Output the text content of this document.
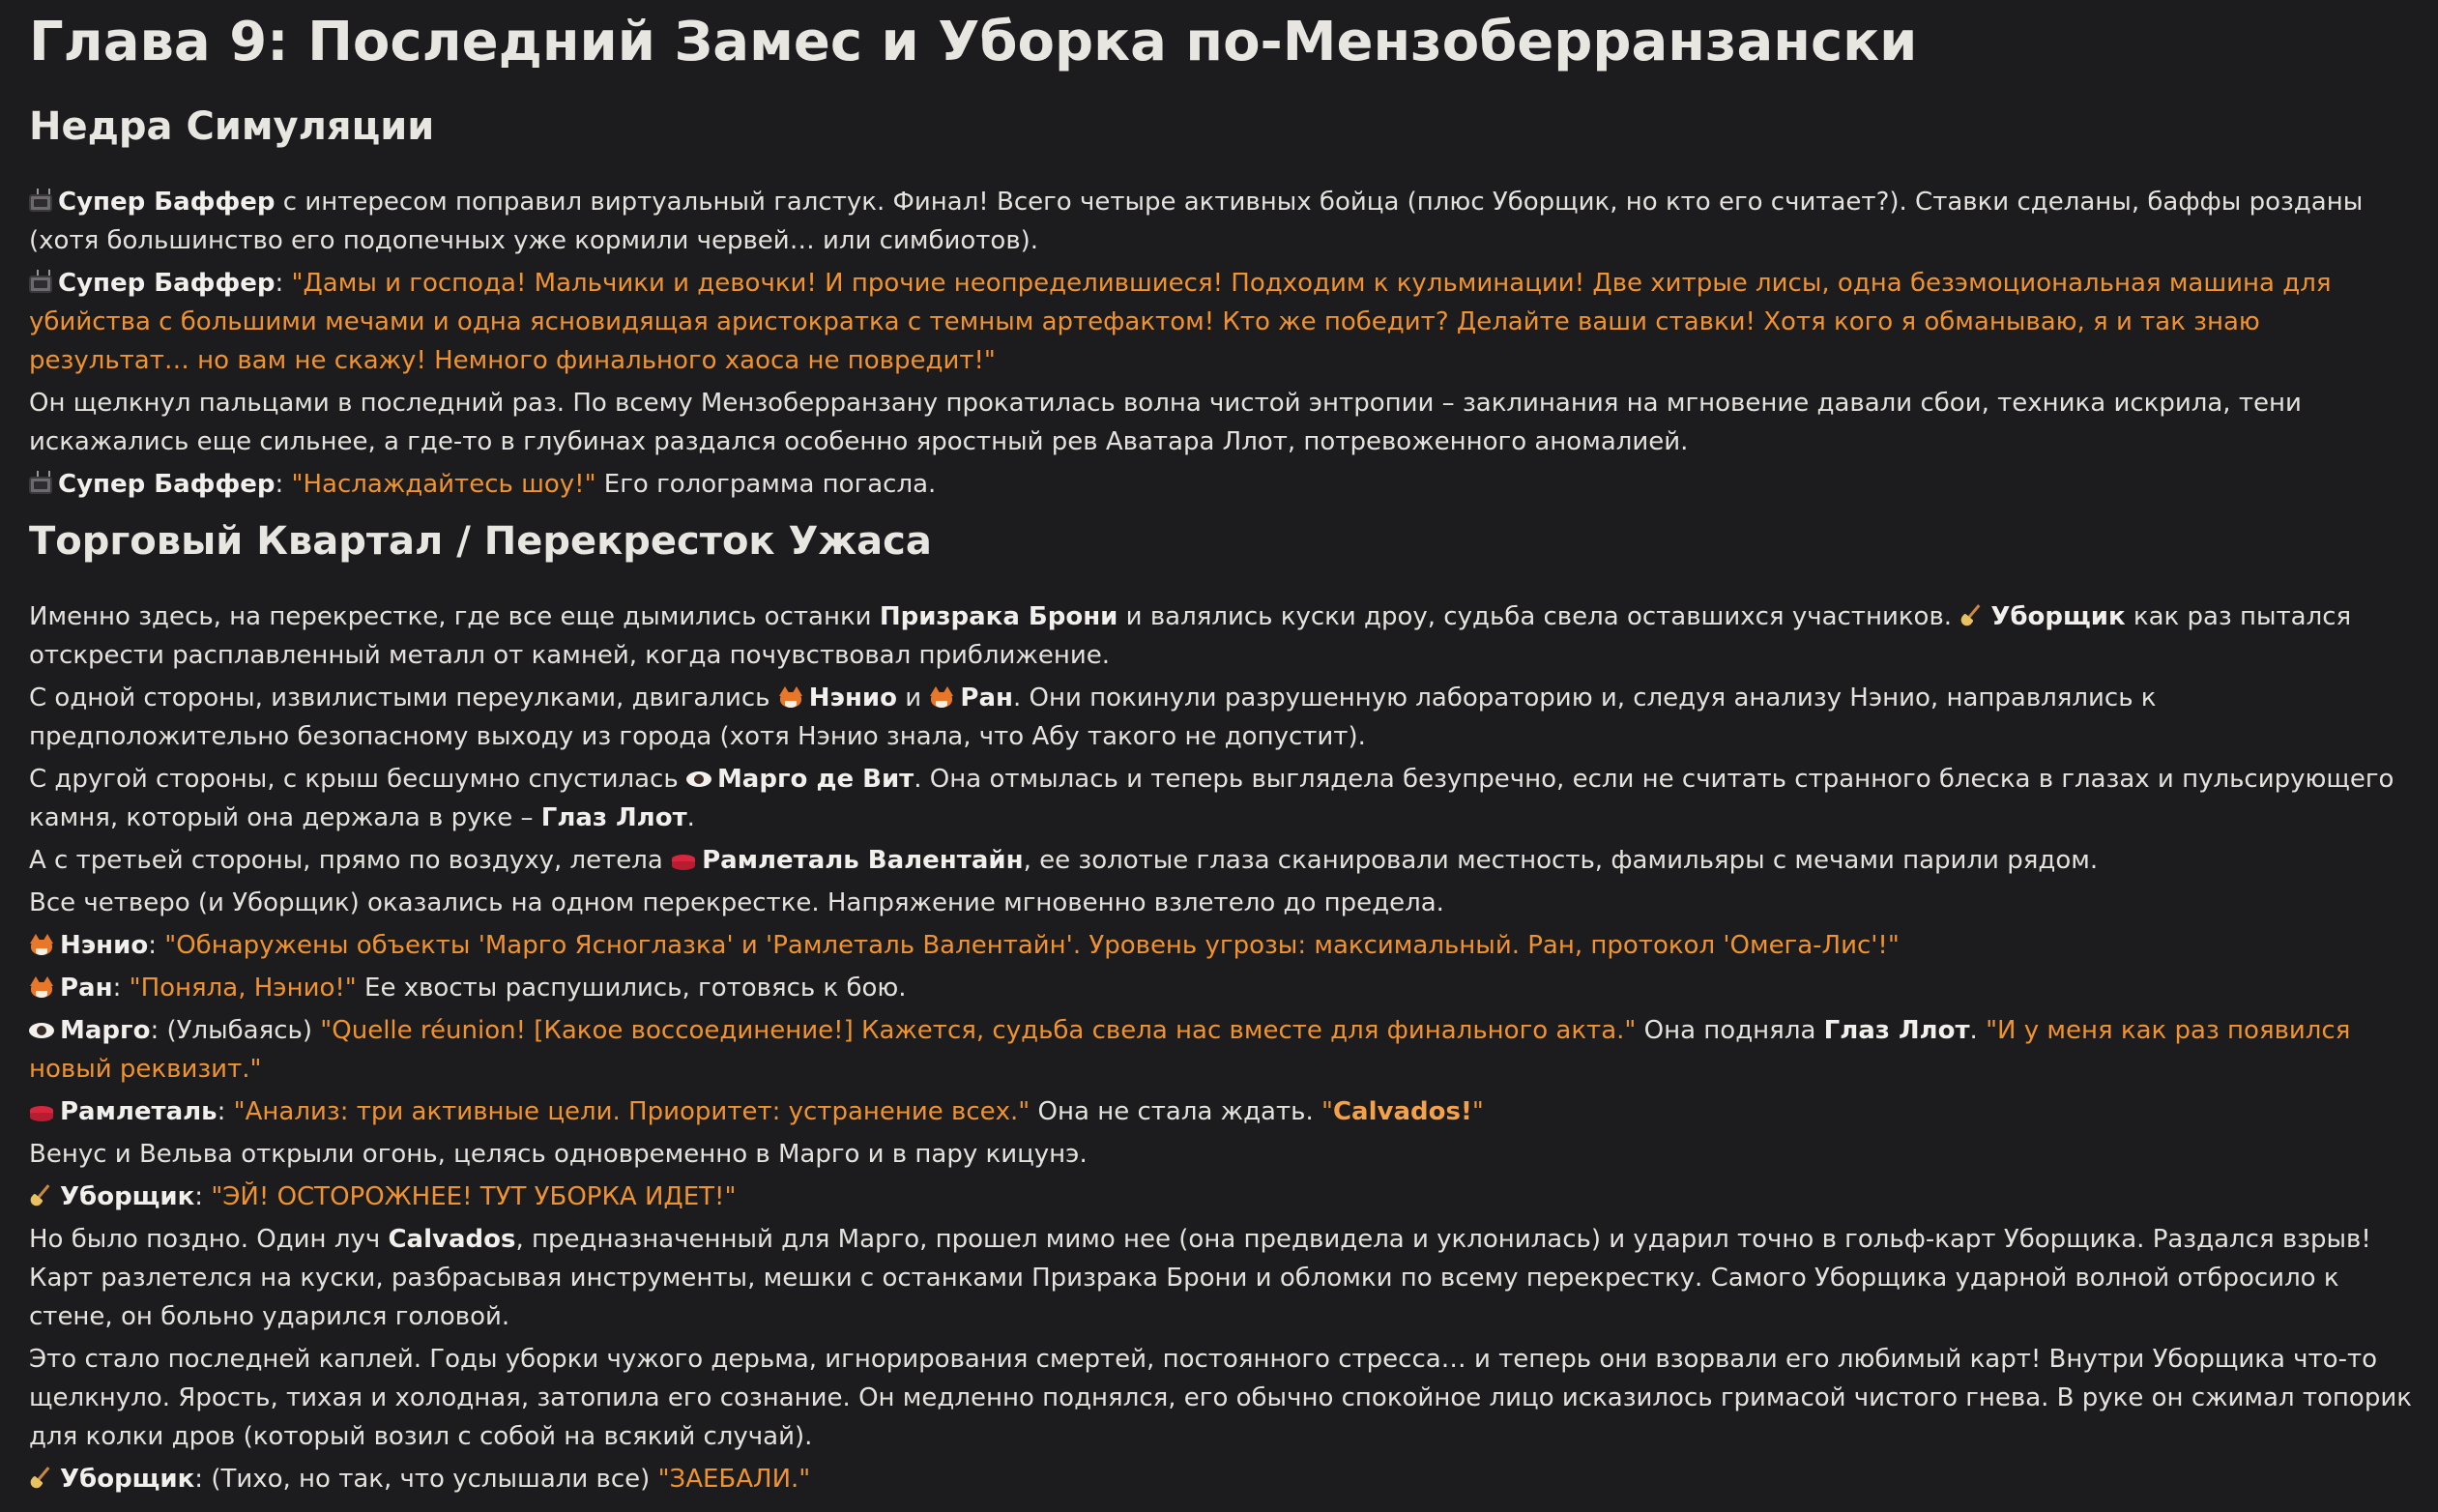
Глава 9: Последний Замес и Уборка по-Мензоберранзански
Недра Симуляции

Супер Баффер с интересом поправил виртуальный галстук. Финал! Всего четыре активных бойца (плюс Уборщик, но кто его считает?). Ставки сделаны, баффы розданы (хотя большинство его подопечных уже кормили червей… или симбиотов).

Супер Баффер: "Дамы и господа! Мальчики и девочки! И прочие неопределившиеся! Подходим к кульминации! Две хитрые лисы, одна безэмоциональная машина для убийства с большими мечами и одна ясновидящая аристократка с темным артефактом! Кто же победит? Делайте ваши ставки! Хотя кого я обманываю, я и так знаю результат… но вам не скажу! Немного финального хаоса не повредит!"

Он щелкнул пальцами в последний раз. По всему Мензоберранзану прокатилась волна чистой энтропии – заклинания на мгновение давали сбои, техника искрила, тени искажались еще сильнее, а где-то в глубинах раздался особенно яростный рев Аватара Ллот, потревоженного аномалией.

Супер Баффер: "Наслаждайтесь шоу!" Его голограмма погасла.

Торговый Квартал / Перекресток Ужаса

Именно здесь, на перекрестке, где все еще дымились останки Призрака Брони и валялись куски дроу, судьба свела оставшихся участников. Уборщик как раз пытался отскрести расплавленный металл от камней, когда почувствовал приближение.

С одной стороны, извилистыми переулками, двигались
Нэнио и
Ран. Они покинули разрушенную лабораторию и, следуя анализу Нэнио, направлялись к предположительно безопасному выходу из города (хотя Нэнио знала, что Абу такого не допустит).

С другой стороны, с крыш бесшумно спустилась Марго де Вит. Она отмылась и теперь выглядела безупречно, если не считать странного блеска в глазах и пульсирующего камня, который она держала в руке – Глаз Ллот.

А с третьей стороны, прямо по воздуху, летела Рамлеталь Валентайн, ее золотые глаза сканировали местность, фамильяры с мечами парили рядом.

Все четверо (и Уборщик) оказались на одном перекрестке. Напряжение мгновенно взлетело до предела.

Нэнио: "Обнаружены объекты 'Марго Ясноглазка' и 'Рамлеталь Валентайн'. Уровень угрозы: максимальный. Ран, протокол 'Омега-Лис'!"

Ран: "Поняла, Нэнио!" Ее хвосты распушились, готовясь к бою.

Марго: (Улыбаясь) "Quelle réunion! [Какое воссоединение!] Кажется, судьба свела нас вместе для финального акта." Она подняла Глаз Ллот. "И у меня как раз появился новый реквизит."

Рамлеталь: "Анализ: три активные цели. Приоритет: устранение всех." Она не стала ждать. "Calvados!"

Венус и Вельва открыли огонь, целясь одновременно в Марго и в пару кицунэ.

Уборщик: "ЭЙ! ОСТОРОЖНЕЕ! ТУТ УБОРКА ИДЕТ!"

Но было поздно. Один луч Calvados, предназначенный для Марго, прошел мимо нее (она предвидела и уклонилась) и ударил точно в гольф-карт Уборщика. Раздался взрыв! Карт разлетелся на куски, разбрасывая инструменты, мешки с останками Призрака Брони и обломки по всему перекрестку. Самого Уборщика ударной волной отбросило к стене, он больно ударился головой.

Это стало последней каплей. Годы уборки чужого дерьма, игнорирования смертей, постоянного стресса… и теперь они взорвали его любимый карт! Внутри Уборщика что-то щелкнуло. Ярость, тихая и холодная, затопила его сознание. Он медленно поднялся, его обычно спокойное лицо исказилось гримасой чистого гнева. В руке он сжимал топорик для колки дров (который возил с собой на всякий случай).

Уборщик: (Тихо, но так, что услышали все) "ЗАЕБАЛИ."
